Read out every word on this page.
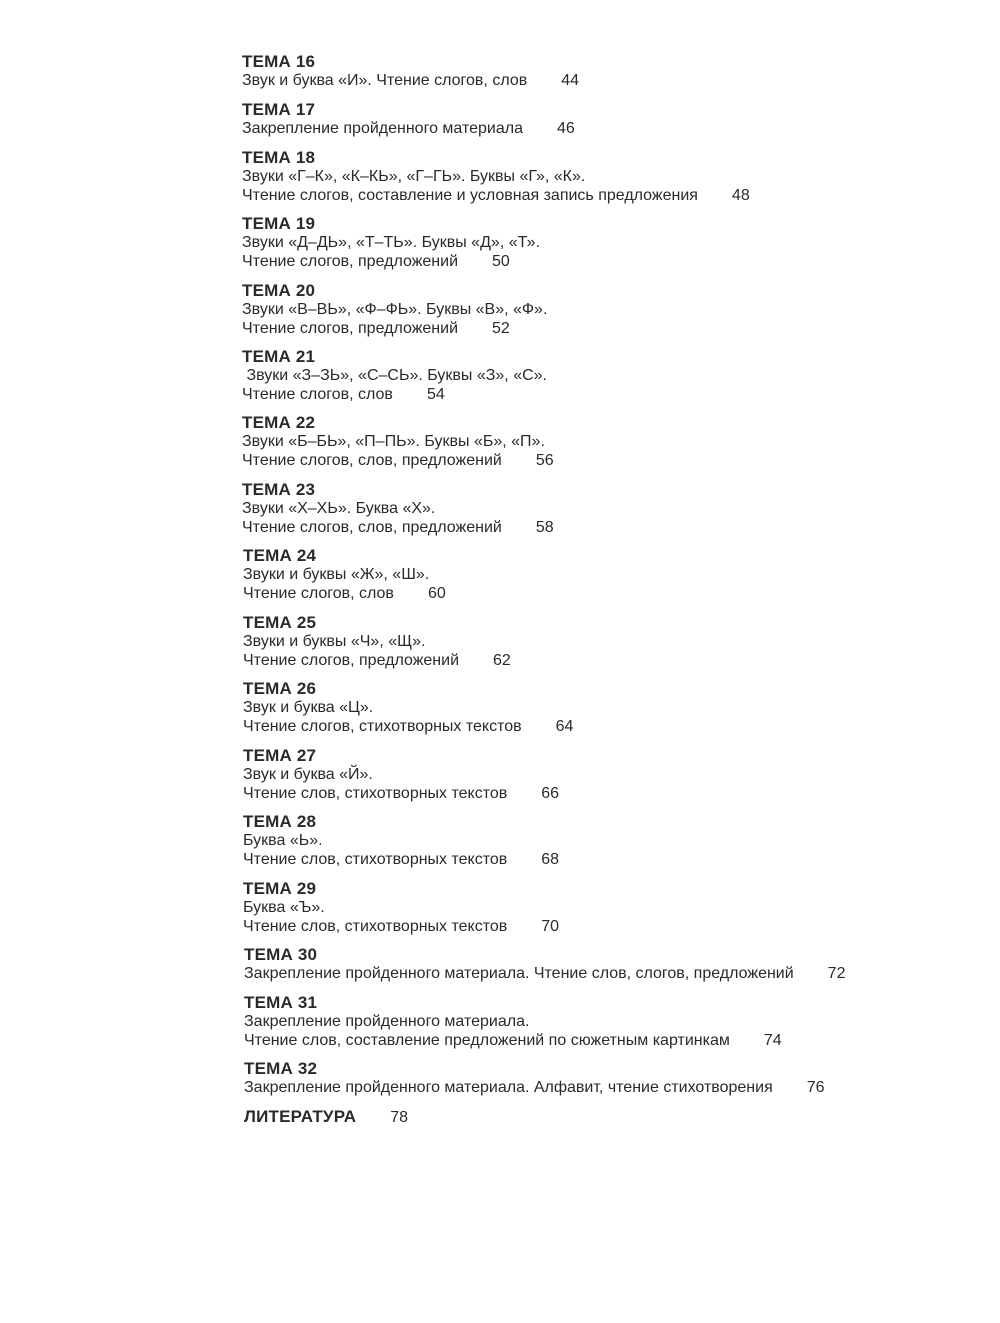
ТЕМА 16
Звук и буква «И». Чтение слогов, слов 44
ТЕМА 17
Закрепление пройденного материала 46
ТЕМА 18
Звуки «Г–К», «К–КЬ», «Г–ГЬ». Буквы «Г», «К».
Чтение слогов, составление и условная запись предложения 48
ТЕМА 19
Звуки «Д–ДЬ», «Т–ТЬ». Буквы «Д», «Т».
Чтение слогов, предложений 50
ТЕМА 20
Звуки «В–ВЬ», «Ф–ФЬ». Буквы «В», «Ф».
Чтение слогов, предложений 52
ТЕМА 21
Звуки «З–ЗЬ», «С–СЬ». Буквы «З», «С».
Чтение слогов, слов 54
ТЕМА 22
Звуки «Б–БЬ», «П–ПЬ». Буквы «Б», «П».
Чтение слогов, слов, предложений 56
ТЕМА 23
Звуки «Х–ХЬ». Буква «Х».
Чтение слогов, слов, предложений 58
ТЕМА 24
Звуки и буквы «Ж», «Ш».
Чтение слогов, слов 60
ТЕМА 25
Звуки и буквы «Ч», «Щ».
Чтение слогов, предложений 62
ТЕМА 26
Звук и буква «Ц».
Чтение слогов, стихотворных текстов 64
ТЕМА 27
Звук и буква «Й».
Чтение слов, стихотворных текстов 66
ТЕМА 28
Буква «Ь».
Чтение слов, стихотворных текстов 68
ТЕМА 29
Буква «Ъ».
Чтение слов, стихотворных текстов 70
ТЕМА 30
Закрепление пройденного материала. Чтение слов, слогов, предложений 72
ТЕМА 31
Закрепление пройденного материала.
Чтение слов, составление предложений по сюжетным картинкам 74
ТЕМА 32
Закрепление пройденного материала. Алфавит, чтение стихотворения 76
ЛИТЕРАТУРА 78
